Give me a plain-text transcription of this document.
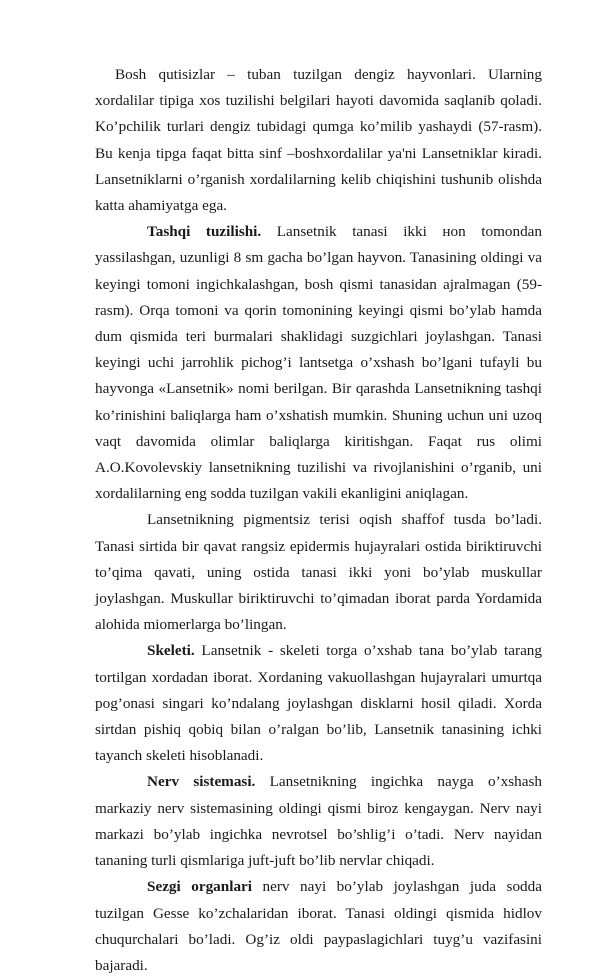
Bosh qutisizlar – tuban tuzilgan dengiz hayvonlari. Ularning xordalilar tipiga xos tuzilishi belgilari hayoti davomida saqlanib qoladi. Ko’pchilik turlari dengiz tubidagi qumga ko’milib yashaydi (57-rasm). Bu kenja tipga faqat bitta sinf –boshxordalilar ya'ni Lansetniklar kiradi. Lansetniklarni o’rganish xordalilarning kelib chiqishini tushunib olishda katta ahamiyatga ega.

Tashqi tuzilishi. Lansetnik tanasi ikki нon tomondan yassilashgan, uzunligi 8 sm gacha bo’lgan hayvon. Tanasining oldingi va keyingi tomoni ingichkalashgan, bosh qismi tanasidan ajralmagan (59-rasm). Orqa tomoni va qorin tomonining keyingi qismi bo’ylab hamda dum qismida teri burmalari shaklidagi suzgichlari joylashgan. Tanasi keyingi uchi jarrohlik pichog’i lantsetga o’xshash bo’lgani tufayli bu hayvonga «Lansetnik» nomi berilgan. Bir qarashda Lansetnikning tashqi ko’rinishini baliqlarga ham o’xshatish mumkin. Shuning uchun uni uzoq vaqt davomida olimlar baliqlarga kiritishgan. Faqat rus olimi A.O.Kovolevskiy lansetnikning tuzilishi va rivojlanishini o’rganib, uni xordalilarning eng sodda tuzilgan vakili ekanligini aniqlagan.

Lansetnikning pigmentsiz terisi oqish shaffof tusda bo’ladi. Tanasi sirtida bir qavat rangsiz epidermis hujayralari ostida biriktiruvchi to’qima qavati, uning ostida tanasi ikki yoni bo’ylab muskullar joylashgan. Muskullar biriktiruvchi to’qimadan iborat parda Yordamida alohida miomerlarga bo’lingan.

Skeleti. Lansetnik - skeleti torga o’xshab tana bo’ylab tarang tortilgan xordadan iborat. Xordaning vakuollashgan hujayralari umurtqa pog’onasi singari ko’ndalang joylashgan disklarni hosil qiladi. Xorda sirtdan pishiq qobiq bilan o’ralgan bo’lib, Lansetnik tanasining ichki tayanch skeleti hisoblanadi.

Nerv sistemasi. Lansetnikning ingichka nayga o’xshash markaziy nerv sistemasining oldingi qismi biroz kengaygan. Nerv nayi markazi bo’ylab ingichka nevrotsel bo’shlig’i o’tadi. Nerv nayidan tananing turli qismlariga juft-juft bo’lib nervlar chiqadi.

Sezgi organlari nerv nayi bo’ylab joylashgan juda sodda tuzilgan Gesse ko’zchalaridan iborat. Tanasi oldingi qismida hidlov chuqurchalari bo’ladi. Og’iz oldi paypaslagichlari tuyg’u vazifasini bajaradi.
